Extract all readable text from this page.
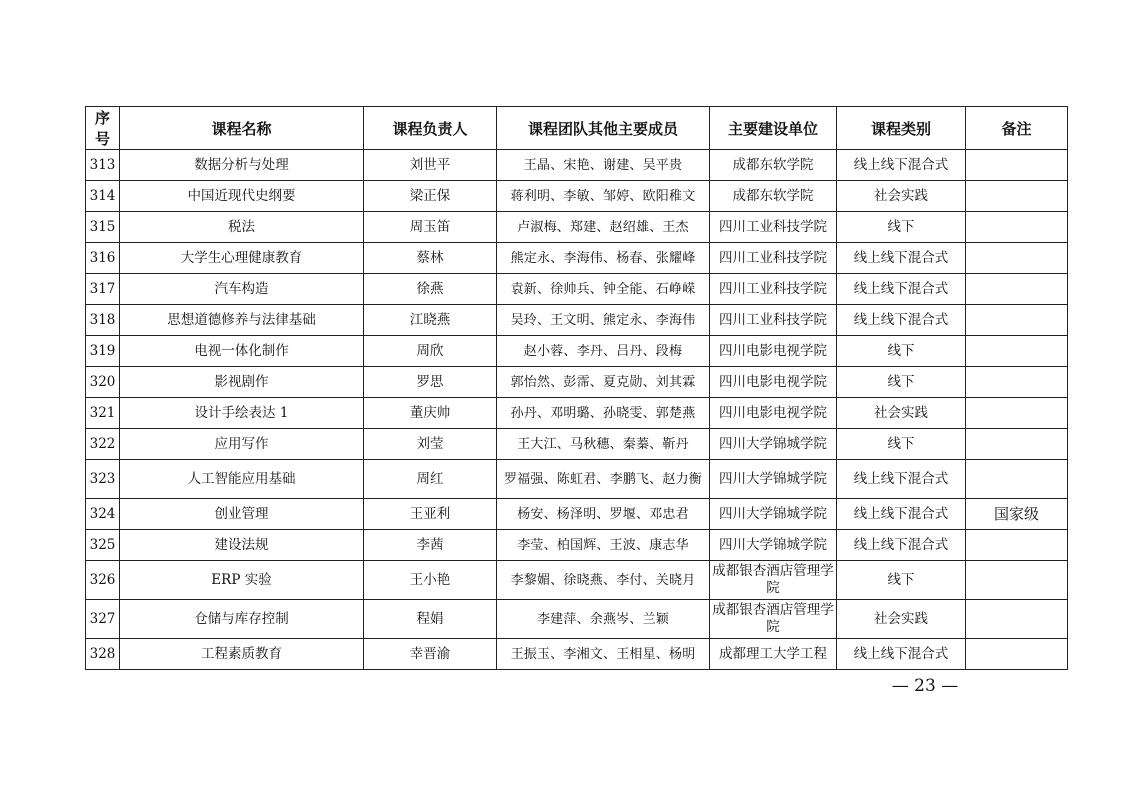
序号	课程名称	课程负责人	课程团队其他主要成员	主要建设单位	课程类别	备注
313	数据分析与处理	刘世平	王晶、宋艳、谢建、吴平贵	成都东软学院	线上线下混合式	
314	中国近现代史纲要	梁正保	蒋利明、李敏、邹婷、欧阳稚文	成都东软学院	社会实践	
315	税法	周玉笛	卢淑梅、郑建、赵绍雄、王杰	四川工业科技学院	线下	
316	大学生心理健康教育	蔡林	熊定永、李海伟、杨春、张耀峰	四川工业科技学院	线上线下混合式	
317	汽车构造	徐燕	袁新、徐帅兵、钟全能、石峥嵘	四川工业科技学院	线上线下混合式	
318	思想道德修养与法律基础	江晓燕	吴玲、王文明、熊定永、李海伟	四川工业科技学院	线上线下混合式	
319	电视一体化制作	周欣	赵小蓉、李丹、吕丹、段梅	四川电影电视学院	线下	
320	影视剧作	罗思	郭怡然、彭霈、夏克勋、刘其霖	四川电影电视学院	线下	
321	设计手绘表达 1	董庆帅	孙丹、邓明璐、孙晓雯、郭楚燕	四川电影电视学院	社会实践	
322	应用写作	刘莹	王大江、马秋穗、秦蓁、靳丹	四川大学锦城学院	线下	
323	人工智能应用基础	周红	罗福强、陈虹君、李鹏飞、赵力衡	四川大学锦城学院	线上线下混合式	
324	创业管理	王亚利	杨安、杨泽明、罗堰、邓忠君	四川大学锦城学院	线上线下混合式	国家级
325	建设法规	李茜	李莹、柏国辉、王波、康志华	四川大学锦城学院	线上线下混合式	
326	ERP 实验	王小艳	李黎媚、徐晓燕、李付、关晓月	成都银杏酒店管理学院	线下	
327	仓储与库存控制	程娟	李建萍、余燕岑、兰颖	成都银杏酒店管理学院	社会实践	
328	工程素质教育	幸晋渝	王振玉、李湘文、王相星、杨明	成都理工大学工程	线上线下混合式	
— 23 —
